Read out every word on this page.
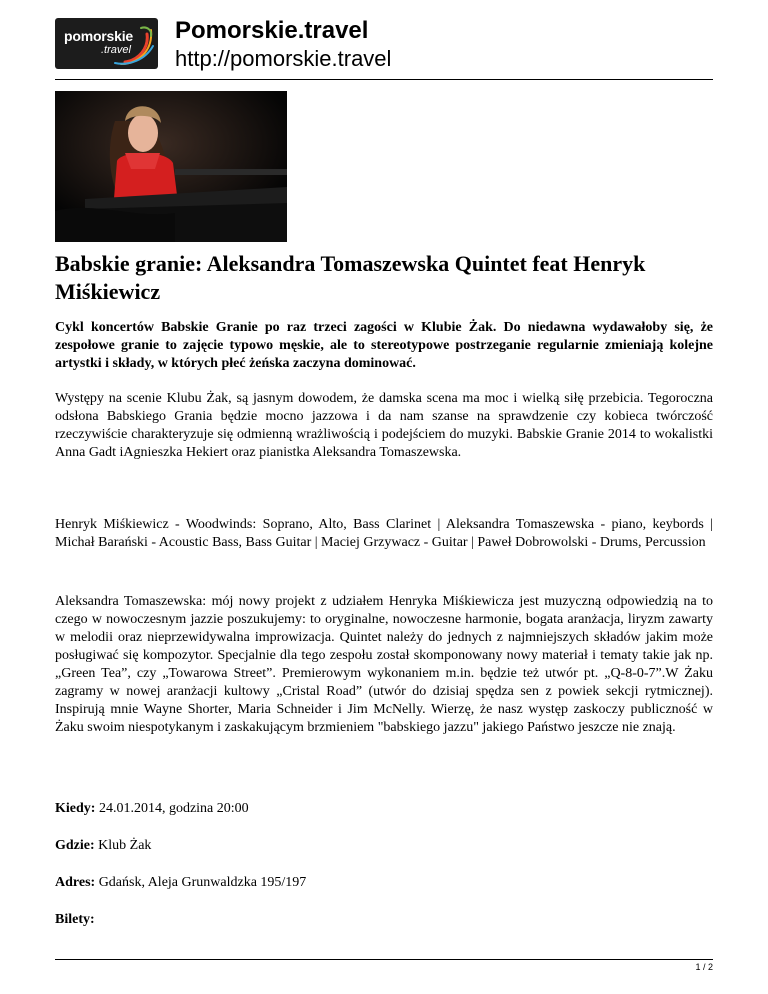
pomorskie
.travel
Pomorskie.travel
http://pomorskie.travel
Babskie granie: Aleksandra Tomaszewska Quintet feat Henryk Miśkiewicz

Cykl koncertów Babskie Granie po raz trzeci zagości w Klubie Żak. Do niedawna wydawałoby się, że zespołowe granie to zajęcie typowo męskie, ale to stereotypowe postrzeganie regularnie zmieniają kolejne artystki i składy, w których płeć żeńska zaczyna dominować.

Występy na scenie Klubu Żak, są jasnym dowodem, że damska scena ma moc i wielką siłę przebicia. Tegoroczna odsłona Babskiego Grania będzie mocno jazzowa i da nam szanse na sprawdzenie czy kobieca twórczość rzeczywiście charakteryzuje się odmienną wrażliwością i podejściem do muzyki. Babskie Granie 2014 to wokalistki Anna Gadt iAgnieszka Hekiert oraz pianistka Aleksandra Tomaszewska.

Henryk Miśkiewicz - Woodwinds: Soprano, Alto, Bass Clarinet | Aleksandra Tomaszewska - piano, keybords | Michał Barański - Acoustic Bass, Bass Guitar | Maciej Grzywacz - Guitar | Paweł Dobrowolski - Drums, Percussion

Aleksandra Tomaszewska: mój nowy projekt z udziałem Henryka Miśkiewicza jest muzyczną odpowiedzią na to czego w nowoczesnym jazzie poszukujemy: to oryginalne, nowoczesne harmonie, bogata aranżacja, liryzm zawarty w melodii oraz nieprzewidywalna improwizacja. Quintet należy do jednych z najmniejszych składów jakim może posługiwać się kompozytor. Specjalnie dla tego zespołu został skomponowany nowy materiał i tematy takie jak np. „Green Tea”, czy „Towarowa Street”. Premierowym wykonaniem m.in. będzie też utwór pt. „Q-8-0-7”.W Żaku zagramy w nowej aranżacji kultowy „Cristal Road” (utwór do dzisiaj spędza sen z powiek sekcji rytmicznej). Inspirują mnie Wayne Shorter, Maria Schneider i Jim McNelly. Wierzę, że nasz występ zaskoczy publiczność w Żaku swoim niespotykanym i zaskakującym brzmieniem "babskiego jazzu" jakiego Państwo jeszcze nie znają.

Kiedy: 24.01.2014, godzina 20:00

Gdzie: Klub Żak

Adres: Gdańsk, Aleja Grunwaldzka 195/197

Bilety:

1 / 2
